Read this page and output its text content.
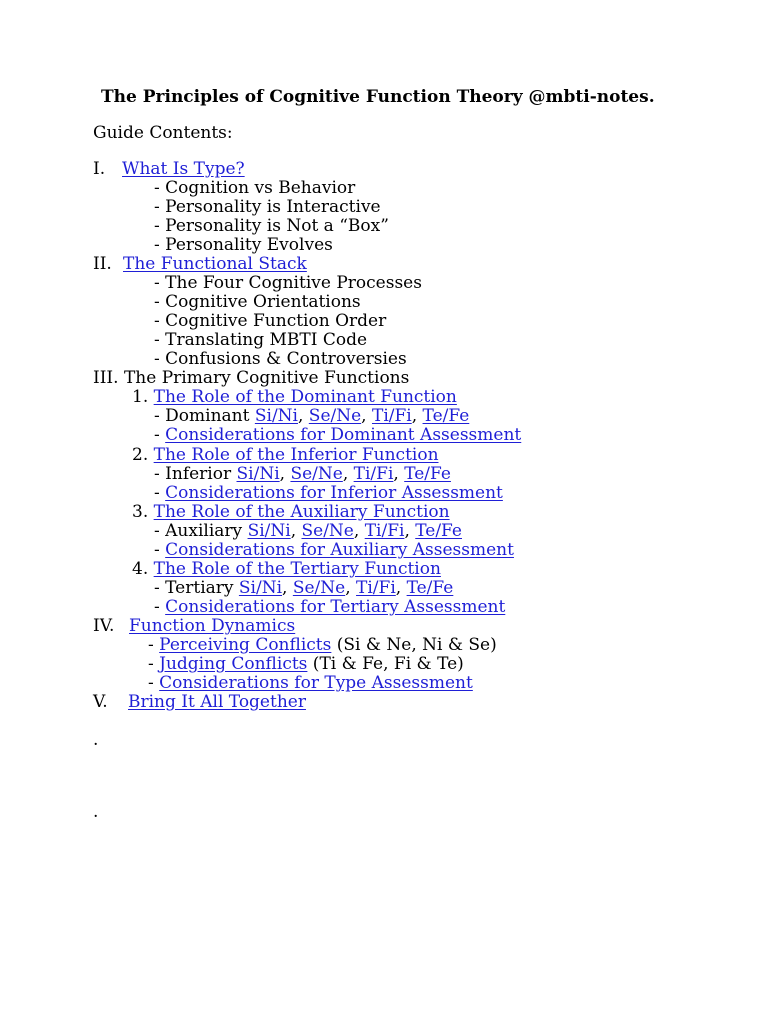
The Principles of Cognitive Function Theory @mbti-notes.
Guide Contents:
I. What Is Type?
- Cognition vs Behavior
- Personality is Interactive
- Personality is Not a “Box”
- Personality Evolves
II. The Functional Stack
- The Four Cognitive Processes
- Cognitive Orientations
- Cognitive Function Order
- Translating MBTI Code
- Confusions & Controversies
III. The Primary Cognitive Functions
1. The Role of the Dominant Function
- Dominant Si/Ni, Se/Ne, Ti/Fi, Te/Fe
- Considerations for Dominant Assessment
2. The Role of the Inferior Function
- Inferior Si/Ni, Se/Ne, Ti/Fi, Te/Fe
- Considerations for Inferior Assessment
3. The Role of the Auxiliary Function
- Auxiliary Si/Ni, Se/Ne, Ti/Fi, Te/Fe
- Considerations for Auxiliary Assessment
4. The Role of the Tertiary Function
- Tertiary Si/Ni, Se/Ne, Ti/Fi, Te/Fe
- Considerations for Tertiary Assessment
IV. Function Dynamics
- Perceiving Conflicts (Si & Ne, Ni & Se)
- Judging Conflicts (Ti & Fe, Fi & Te)
- Considerations for Type Assessment
V. Bring It All Together
.
.
